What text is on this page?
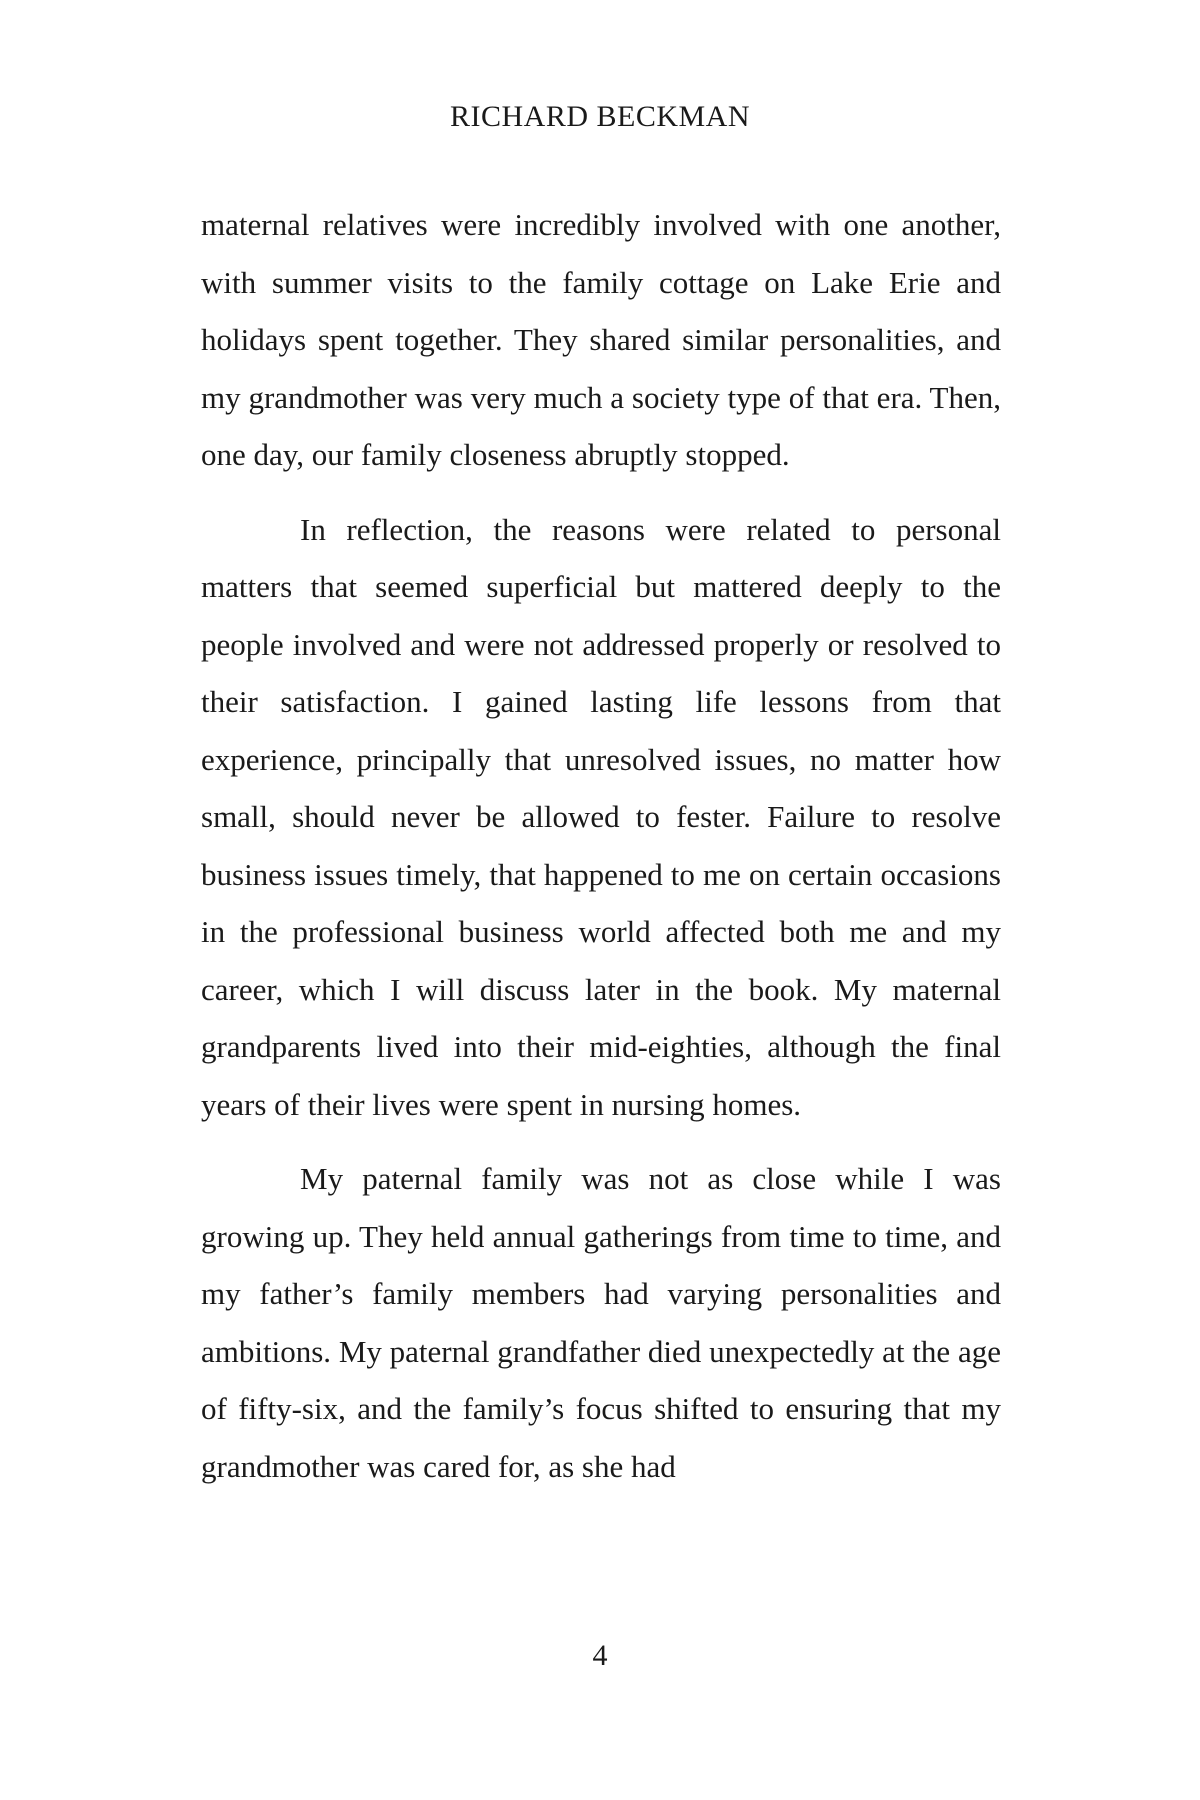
RICHARD BECKMAN

maternal relatives were incredibly involved with one another, with summer visits to the family cottage on Lake Erie and holidays spent together. They shared similar personalities, and my grandmother was very much a society type of that era. Then, one day, our family closeness abruptly stopped.

In reflection, the reasons were related to personal matters that seemed superficial but mattered deeply to the people involved and were not addressed properly or resolved to their satisfaction. I gained lasting life lessons from that experience, principally that unresolved issues, no matter how small, should never be allowed to fester. Failure to resolve business issues timely, that happened to me on certain occasions in the professional business world affected both me and my career, which I will discuss later in the book. My maternal grandparents lived into their mid-eighties, although the final years of their lives were spent in nursing homes.

My paternal family was not as close while I was growing up. They held annual gatherings from time to time, and my father’s family members had varying personalities and ambitions. My paternal grandfather died unexpectedly at the age of fifty-six, and the family’s focus shifted to ensuring that my grandmother was cared for, as she had

4
